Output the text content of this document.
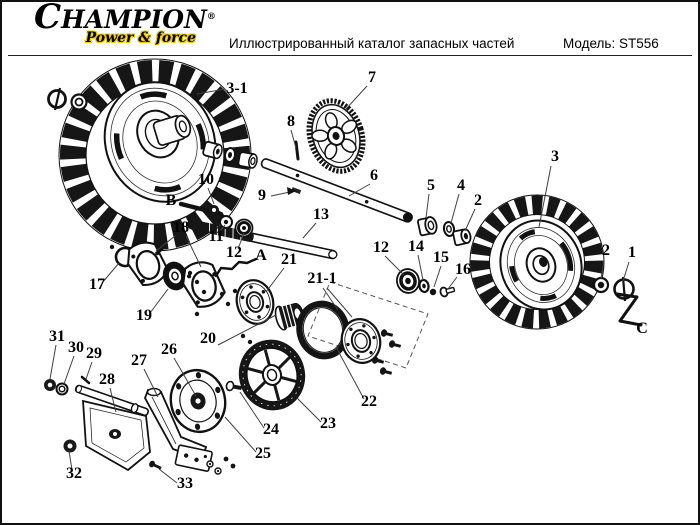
CHAMPION®
Power & force Иллюстрированный каталог запасных частей	Модель: ST556
3-1
7
8
6
9
B
10
11
12
17
18
19
A 21
21-1
22
23
20
24
25
26
27
28
29
30
31
32
33
13
12 14
15
16
5 4
2
3
2 1
C
